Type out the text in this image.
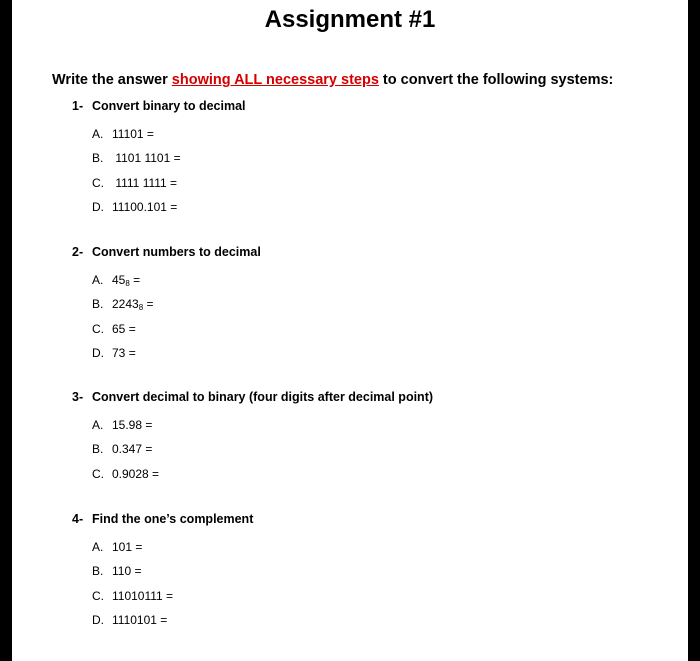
Assignment #1
Write the answer showing ALL necessary steps to convert the following systems:
1- Convert binary to decimal
A. 11101 =
B. 1101 1101 =
C. 1111 1111 =
D. 11100.101 =
2- Convert numbers to decimal
A. $45_8$ =
B. $2243_8$ =
C. 65 =
D. 73 =
3- Convert decimal to binary (four digits after decimal point)
A. 15.98 =
B. 0.347 =
C. 0.9028 =
4- Find the one’s complement
A. 101 =
B. 110 =
C. 11010111 =
D. 1110101 =
